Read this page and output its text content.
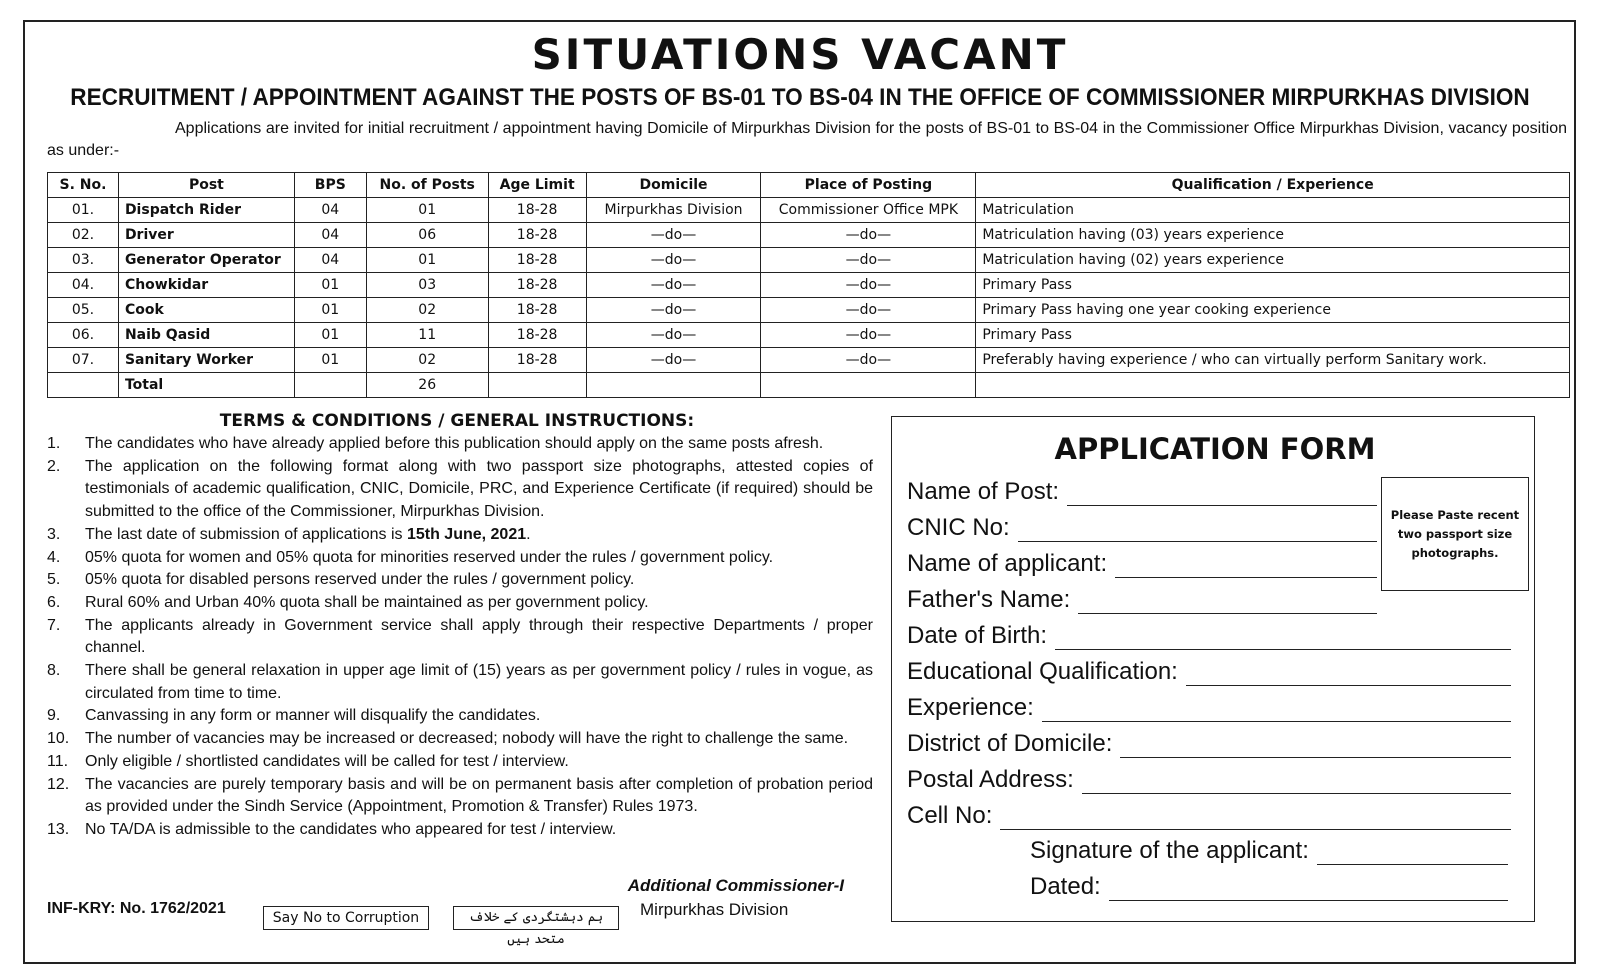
SITUATIONS VACANT
RECRUITMENT / APPOINTMENT AGAINST THE POSTS OF BS-01 TO BS-04 IN THE OFFICE OF COMMISSIONER MIRPURKHAS DIVISION

Applications are invited for initial recruitment / appointment having Domicile of Mirpurkhas Division for the posts of BS-01 to BS-04 in the Commissioner Office Mirpurkhas Division, vacancy position as under:-

S. No.	Post	BPS	No. of Posts	Age Limit	Domicile	Place of Posting	Qualification / Experience
01.	Dispatch Rider	04	01	18-28	Mirpurkhas Division	Commissioner Office MPK	Matriculation
02.	Driver	04	06	18-28	—do—	—do—	Matriculation having (03) years experience
03.	Generator Operator	04	01	18-28	—do—	—do—	Matriculation having (02) years experience
04.	Chowkidar	01	03	18-28	—do—	—do—	Primary Pass
05.	Cook	01	02	18-28	—do—	—do—	Primary Pass having one year cooking experience
06.	Naib Qasid	01	11	18-28	—do—	—do—	Primary Pass
07.	Sanitary Worker	01	02	18-28	—do—	—do—	Preferably having experience / who can virtually perform Sanitary work.
	Total		26				
TERMS & CONDITIONS / GENERAL INSTRUCTIONS:
1. The candidates who have already applied before this publication should apply on the same posts afresh.
2. The application on the following format along with two passport size photographs, attested copies of testimonials of academic qualification, CNIC, Domicile, PRC, and Experience Certificate (if required) should be submitted to the office of the Commissioner, Mirpurkhas Division.
3. The last date of submission of applications is 15th June, 2021.
4. 05% quota for women and 05% quota for minorities reserved under the rules / government policy.
5. 05% quota for disabled persons reserved under the rules / government policy.
6. Rural 60% and Urban 40% quota shall be maintained as per government policy.
7. The applicants already in Government service shall apply through their respective Departments / proper channel.
8. There shall be general relaxation in upper age limit of (15) years as per government policy / rules in vogue, as circulated from time to time.
9. Canvassing in any form or manner will disqualify the candidates.
10. The number of vacancies may be increased or decreased; nobody will have the right to challenge the same.
11. Only eligible / shortlisted candidates will be called for test / interview.
12. The vacancies are purely temporary basis and will be on permanent basis after completion of probation period as provided under the Sindh Service (Appointment, Promotion & Transfer) Rules 1973.
13. No TA/DA is admissible to the candidates who appeared for test / interview.
INF-KRY: No. 1762/2021
Say No to Corruption	ہم دہشتگردی کے خلاف متحد ہیں
Additional Commissioner-I
Mirpurkhas Division
APPLICATION FORM
Please Paste recent two passport size photographs.
Name of Post:
CNIC No:
Name of applicant:
Father's Name:
Date of Birth:
Educational Qualification:
Experience:
District of Domicile:
Postal Address:
Cell No:
Signature of the applicant:
Dated:
